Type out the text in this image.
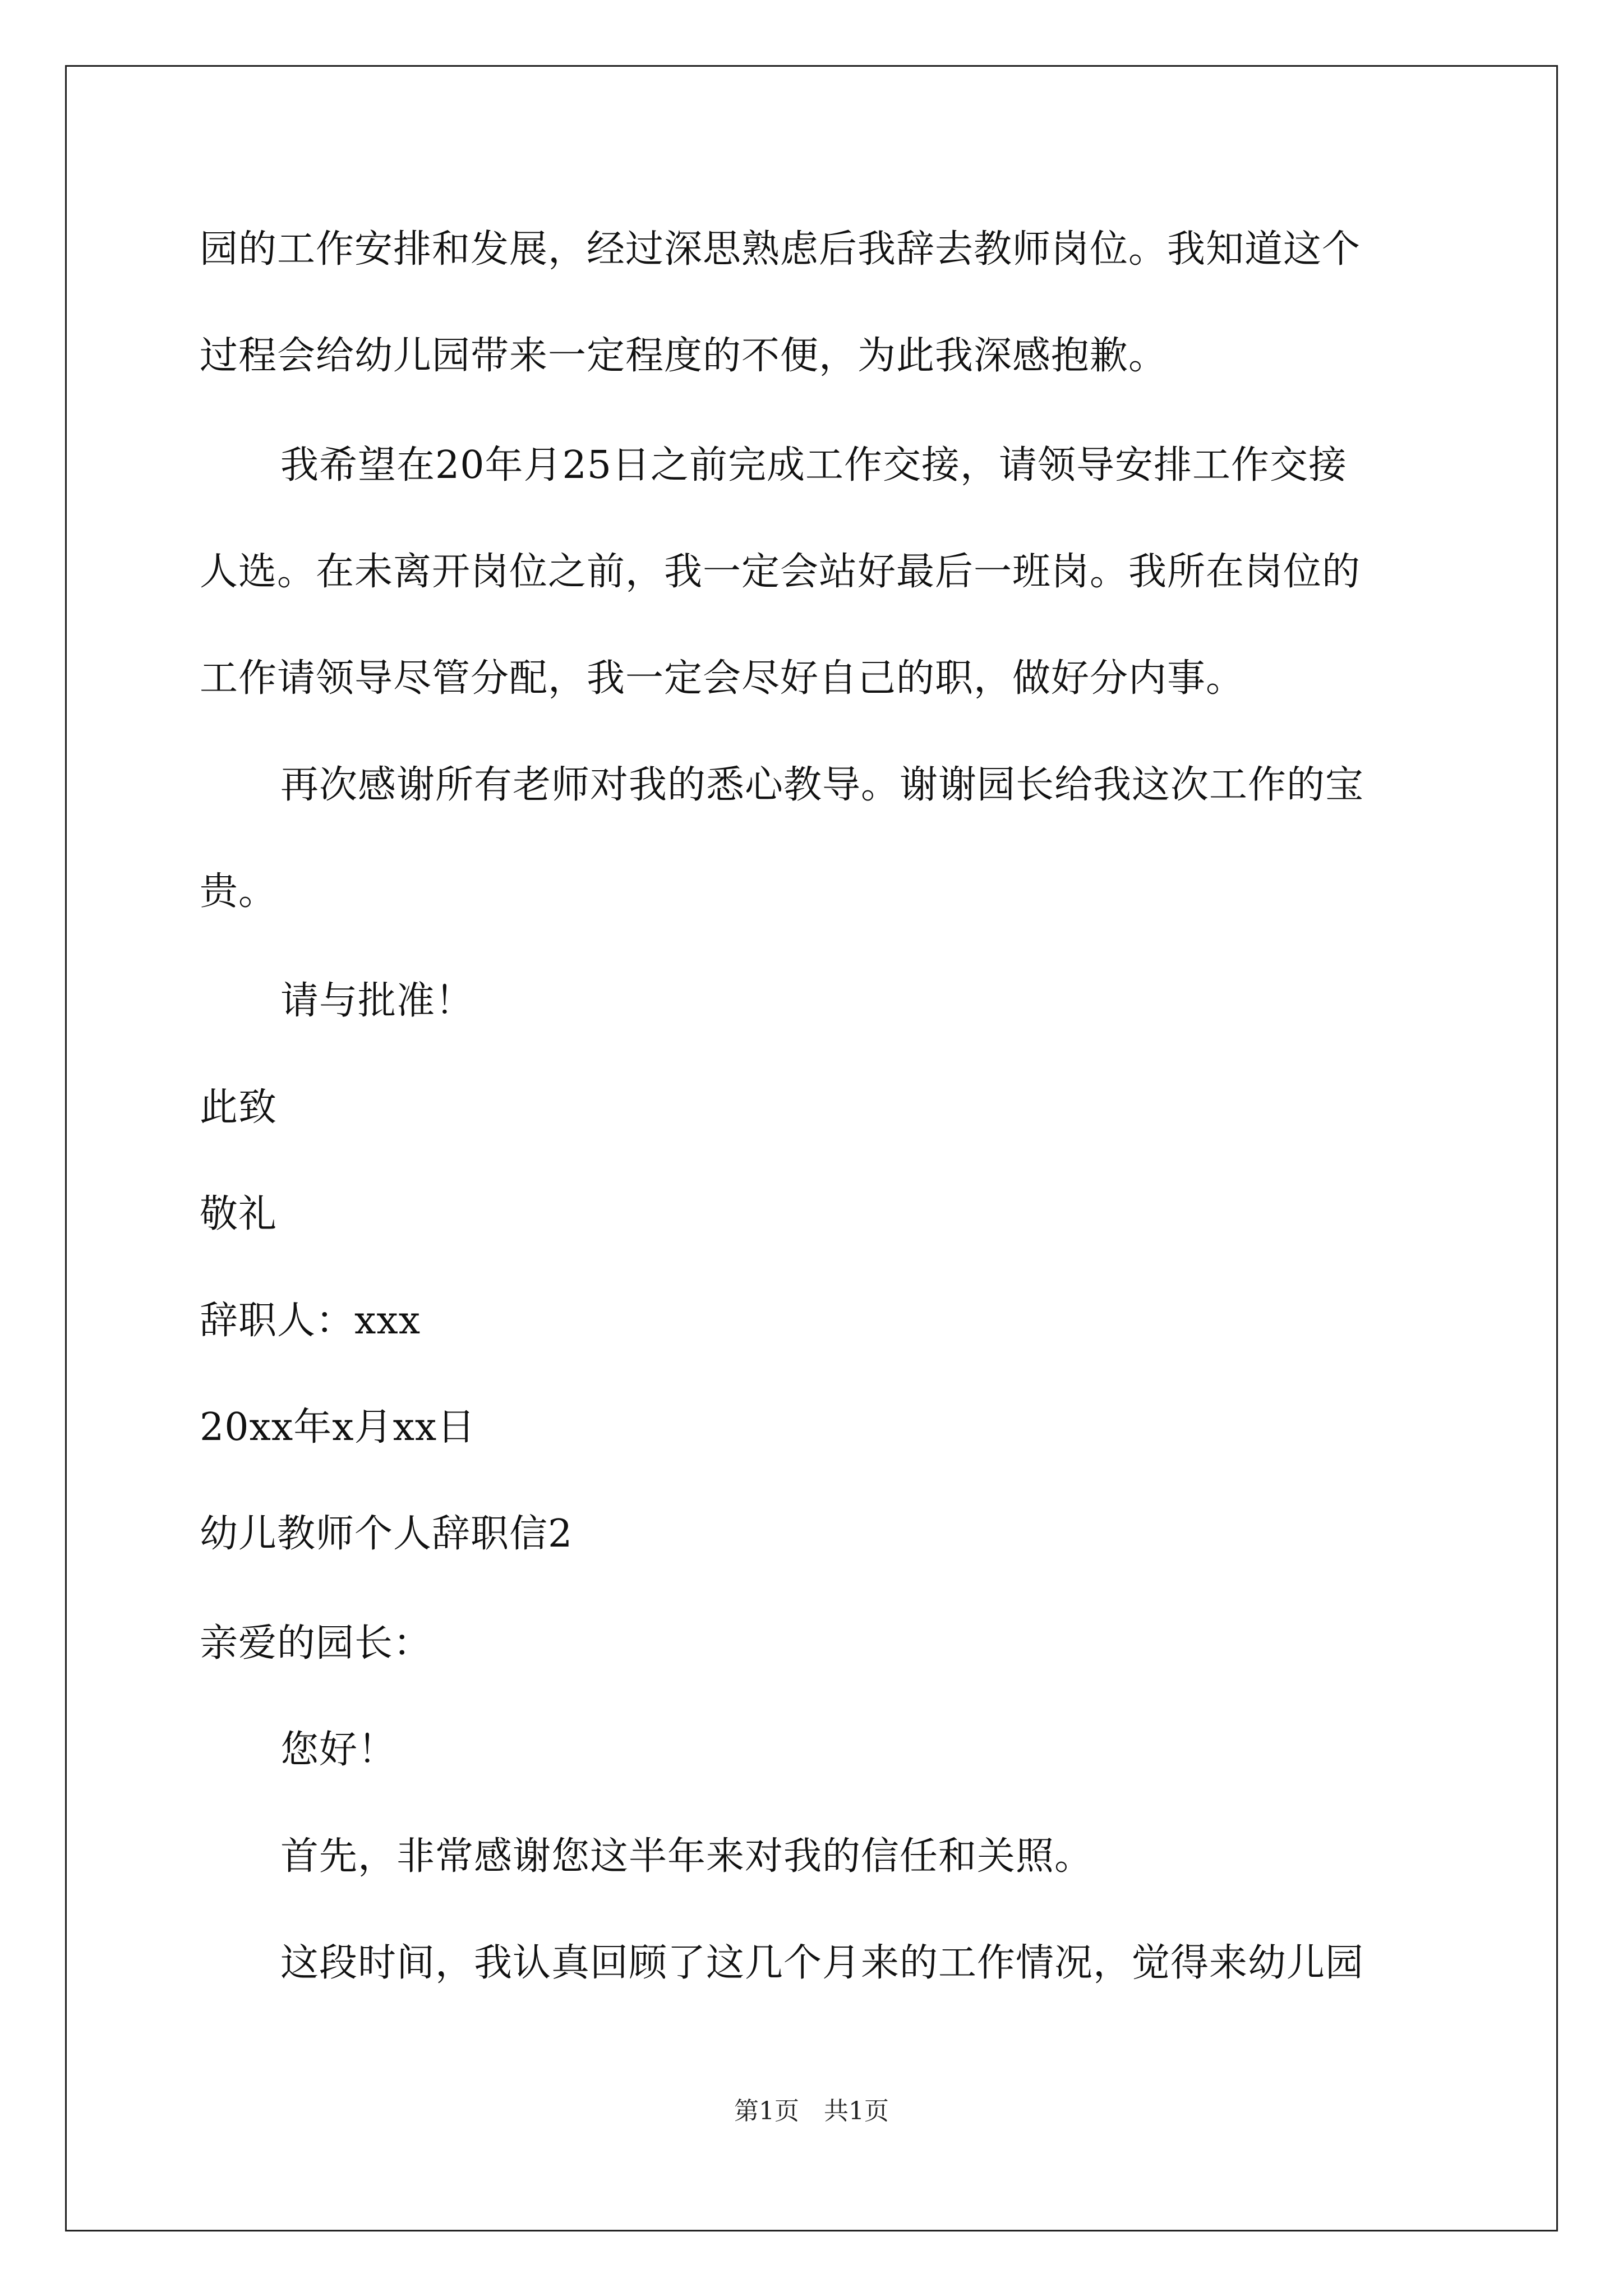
园的工作安排和发展，经过深思熟虑后我辞去教师岗位。我知道这个

过程会给幼儿园带来一定程度的不便，为此我深感抱歉。

我希望在20年月25日之前完成工作交接，请领导安排工作交接

人选。在未离开岗位之前，我一定会站好最后一班岗。我所在岗位的

工作请领导尽管分配，我一定会尽好自己的职，做好分内事。

再次感谢所有老师对我的悉心教导。谢谢园长给我这次工作的宝

贵。

请与批准！

此致

敬礼

辞职人：xxx

20xx年x月xx日

幼儿教师个人辞职信2

亲爱的园长：

您好！

首先，非常感谢您这半年来对我的信任和关照。

这段时间，我认真回顾了这几个月来的工作情况，觉得来幼儿园

第1页　共1页
